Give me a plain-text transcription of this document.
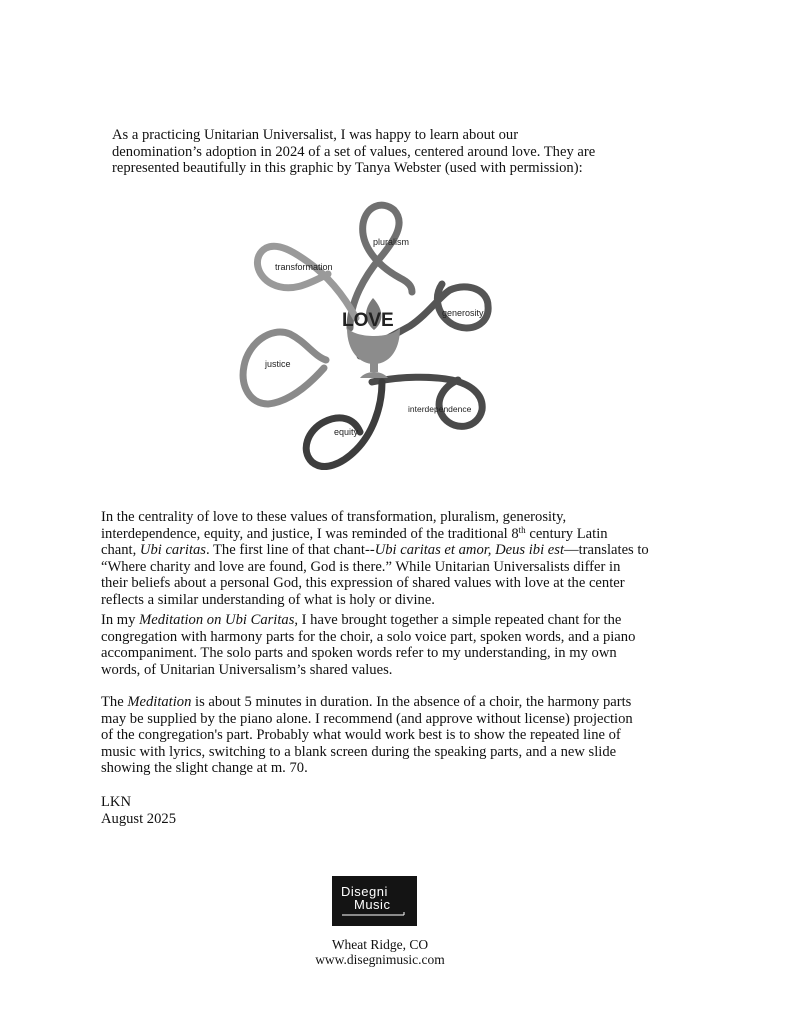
As a practicing Unitarian Universalist, I was happy to learn about our
denomination’s adoption in 2024 of a set of values, centered around love. They are
represented beautifully in this graphic by Tanya Webster (used with permission):

LOVE
pluralism
generosity
interdependence
equity
justice
transformation

In the centrality of love to these values of transformation, pluralism, generosity,
interdependence, equity, and justice, I was reminded of the traditional 8th century Latin
chant, Ubi caritas. The first line of that chant--Ubi caritas et amor, Deus ibi est—translates to
“Where charity and love are found, God is there.” While Unitarian Universalists differ in
their beliefs about a personal God, this expression of shared values with love at the center
reflects a similar understanding of what is holy or divine.

In my Meditation on Ubi Caritas, I have brought together a simple repeated chant for the
congregation with harmony parts for the choir, a solo voice part, spoken words, and a piano
accompaniment. The solo parts and spoken words refer to my understanding, in my own
words, of Unitarian Universalism’s shared values.

The Meditation is about 5 minutes in duration. In the absence of a choir, the harmony parts
may be supplied by the piano alone. I recommend (and approve without license) projection
of the congregation's part. Probably what would work best is to show the repeated line of
music with lyrics, switching to a blank screen during the speaking parts, and a new slide
showing the slight change at m. 70.

LKN
August 2025

Disegni
Music
Wheat Ridge, CO
www.disegnimusic.com
